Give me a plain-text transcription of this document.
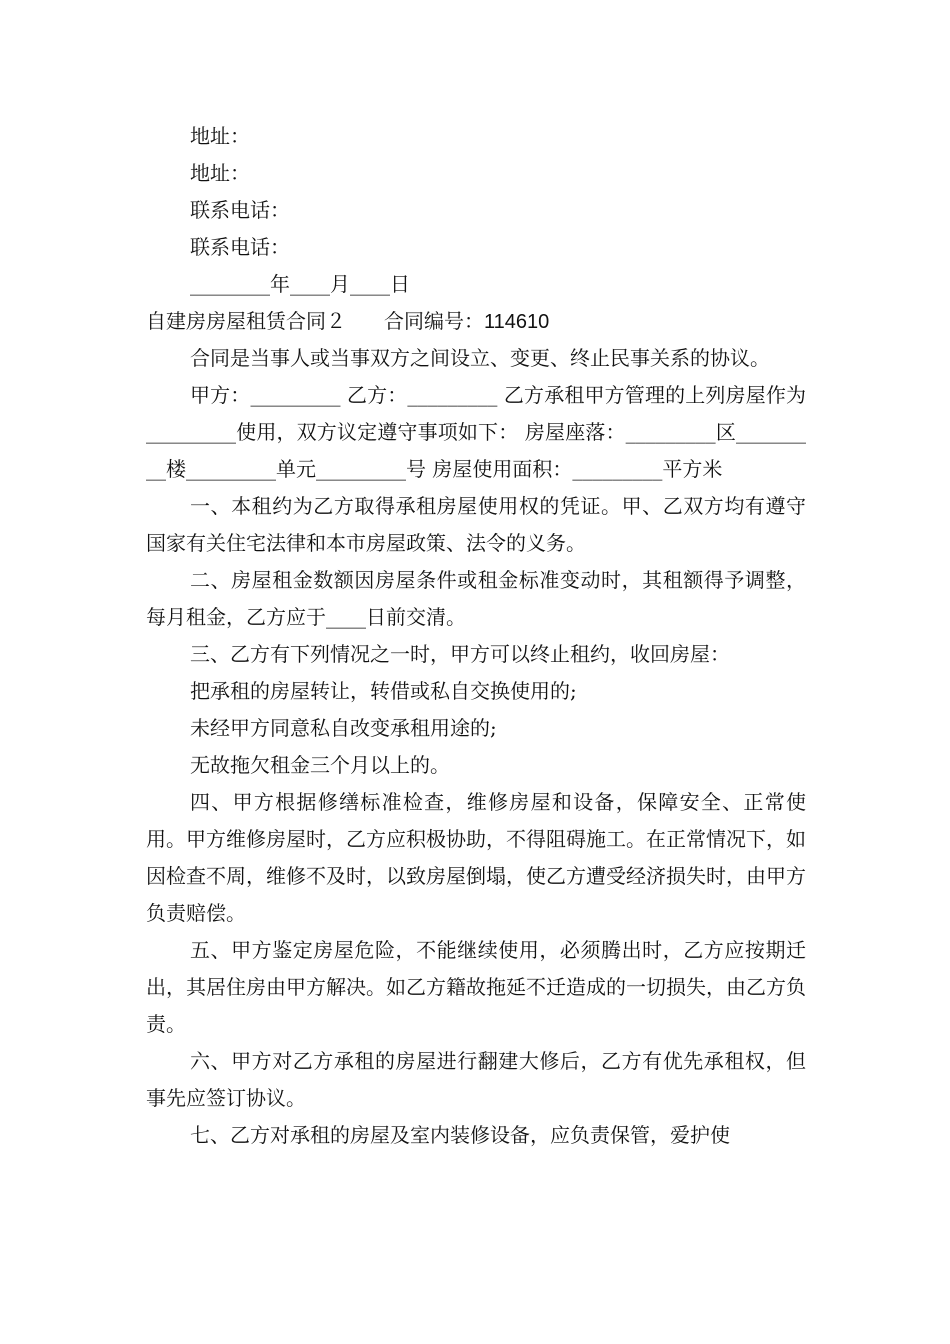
地址：
地址：
联系电话：
联系电话：
________年____月____日
自建房房屋租赁合同２ 合同编号：114610

合同是当事人或当事双方之间设立、变更、终止民事关系的协议。

甲方：_________ 乙方：_________ 乙方承租甲方管理的上列房屋作为_________使用，双方议定遵守事项如下： 房屋座落：_________区_________楼_________单元_________号 房屋使用面积：_________平方米

一、本租约为乙方取得承租房屋使用权的凭证。甲、乙双方均有遵守国家有关住宅法律和本市房屋政策、法令的义务。

二、房屋租金数额因房屋条件或租金标准变动时，其租额得予调整，每月租金，乙方应于____日前交清。

三、乙方有下列情况之一时，甲方可以终止租约，收回房屋：

把承租的房屋转让，转借或私自交换使用的;

未经甲方同意私自改变承租用途的;

无故拖欠租金三个月以上的。

四、甲方根据修缮标准检查，维修房屋和设备，保障安全、正常使用。甲方维修房屋时，乙方应积极协助，不得阻碍施工。在正常情况下，如因检查不周，维修不及时，以致房屋倒塌，使乙方遭受经济损失时，由甲方负责赔偿。

五、甲方鉴定房屋危险，不能继续使用，必须腾出时，乙方应按期迁出，其居住房由甲方解决。如乙方籍故拖延不迁造成的一切损失，由乙方负责。

六、甲方对乙方承租的房屋进行翻建大修后，乙方有优先承租权，但事先应签订协议。

七、乙方对承租的房屋及室内装修设备，应负责保管，爱护使
